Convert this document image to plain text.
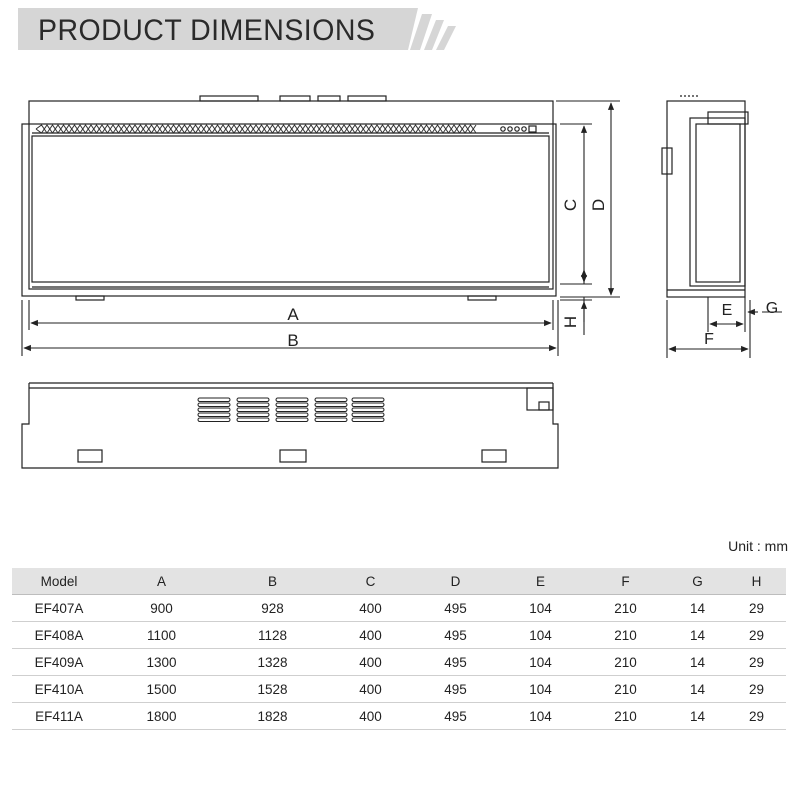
PRODUCT DIMENSIONS
A
B
C D
H
E
F
G
Unit : mm
Model	A	B	C	D	E	F	G	H
EF407A	900	928	400	495	104	210	14	29
EF408A	1100	1128	400	495	104	210	14	29
EF409A	1300	1328	400	495	104	210	14	29
EF410A	1500	1528	400	495	104	210	14	29
EF411A	1800	1828	400	495	104	210	14	29
